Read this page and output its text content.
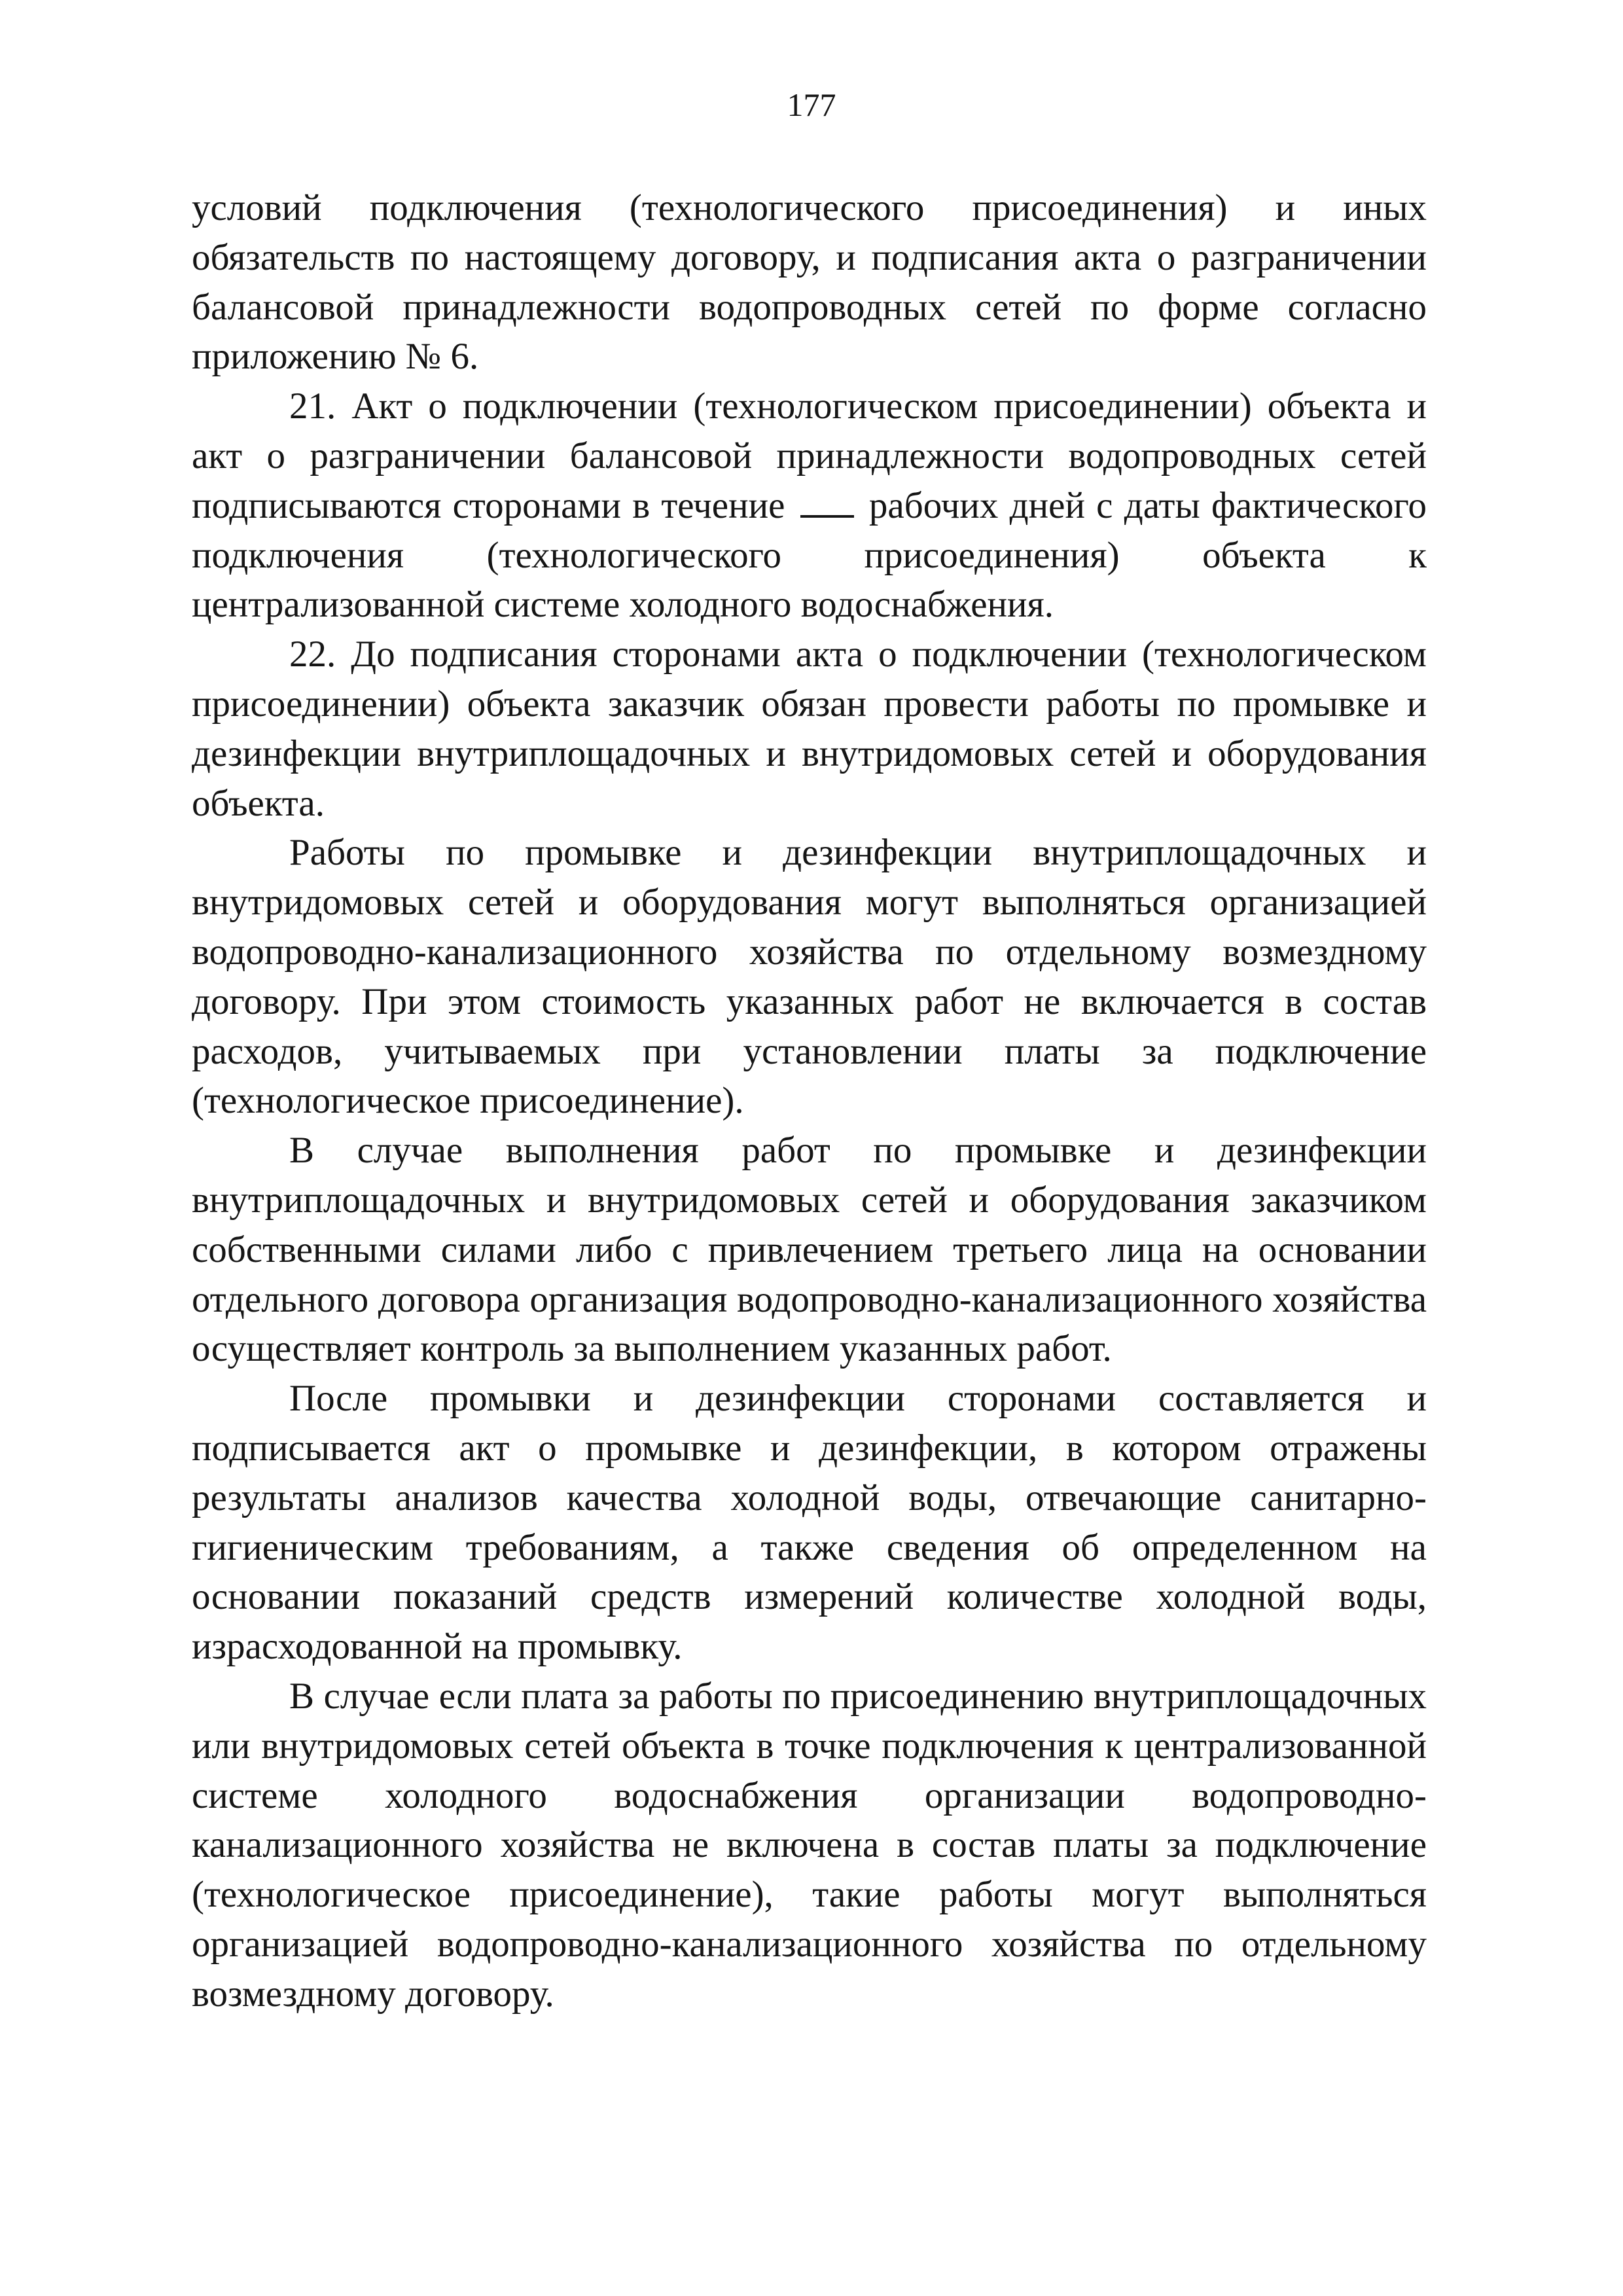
177

условий подключения (технологического присоединения) и иных обязательств по настоящему договору, и подписания акта о разграничении балансовой принадлежности водопроводных сетей по форме согласно приложению № 6.

21. Акт о подключении (технологическом присоединении) объекта и акт о разграничении балансовой принадлежности водопроводных сетей подписываются сторонами в течение рабочих дней с даты фактического подключения (технологического присоединения) объекта к централизованной системе холодного водоснабжения.

22. До подписания сторонами акта о подключении (технологическом присоединении) объекта заказчик обязан провести работы по промывке и дезинфекции внутриплощадочных и внутридомовых сетей и оборудования объекта.

Работы по промывке и дезинфекции внутриплощадочных и внутридомовых сетей и оборудования могут выполняться организацией водопроводно-канализационного хозяйства по отдельному возмездному договору. При этом стоимость указанных работ не включается в состав расходов, учитываемых при установлении платы за подключение (технологическое присоединение).

В случае выполнения работ по промывке и дезинфекции внутриплощадочных и внутридомовых сетей и оборудования заказчиком собственными силами либо с привлечением третьего лица на основании отдельного договора организация водопроводно-канализационного хозяйства осуществляет контроль за выполнением указанных работ.

После промывки и дезинфекции сторонами составляется и подписывается акт о промывке и дезинфекции, в котором отражены результаты анализов качества холодной воды, отвечающие санитарно-гигиеническим требованиям, а также сведения об определенном на основании показаний средств измерений количестве холодной воды, израсходованной на промывку.

В случае если плата за работы по присоединению внутриплощадочных или внутридомовых сетей объекта в точке подключения к централизованной системе холодного водоснабжения организации водопроводно-канализационного хозяйства не включена в состав платы за подключение (технологическое присоединение), такие работы могут выполняться организацией водопроводно-канализационного хозяйства по отдельному возмездному договору.
